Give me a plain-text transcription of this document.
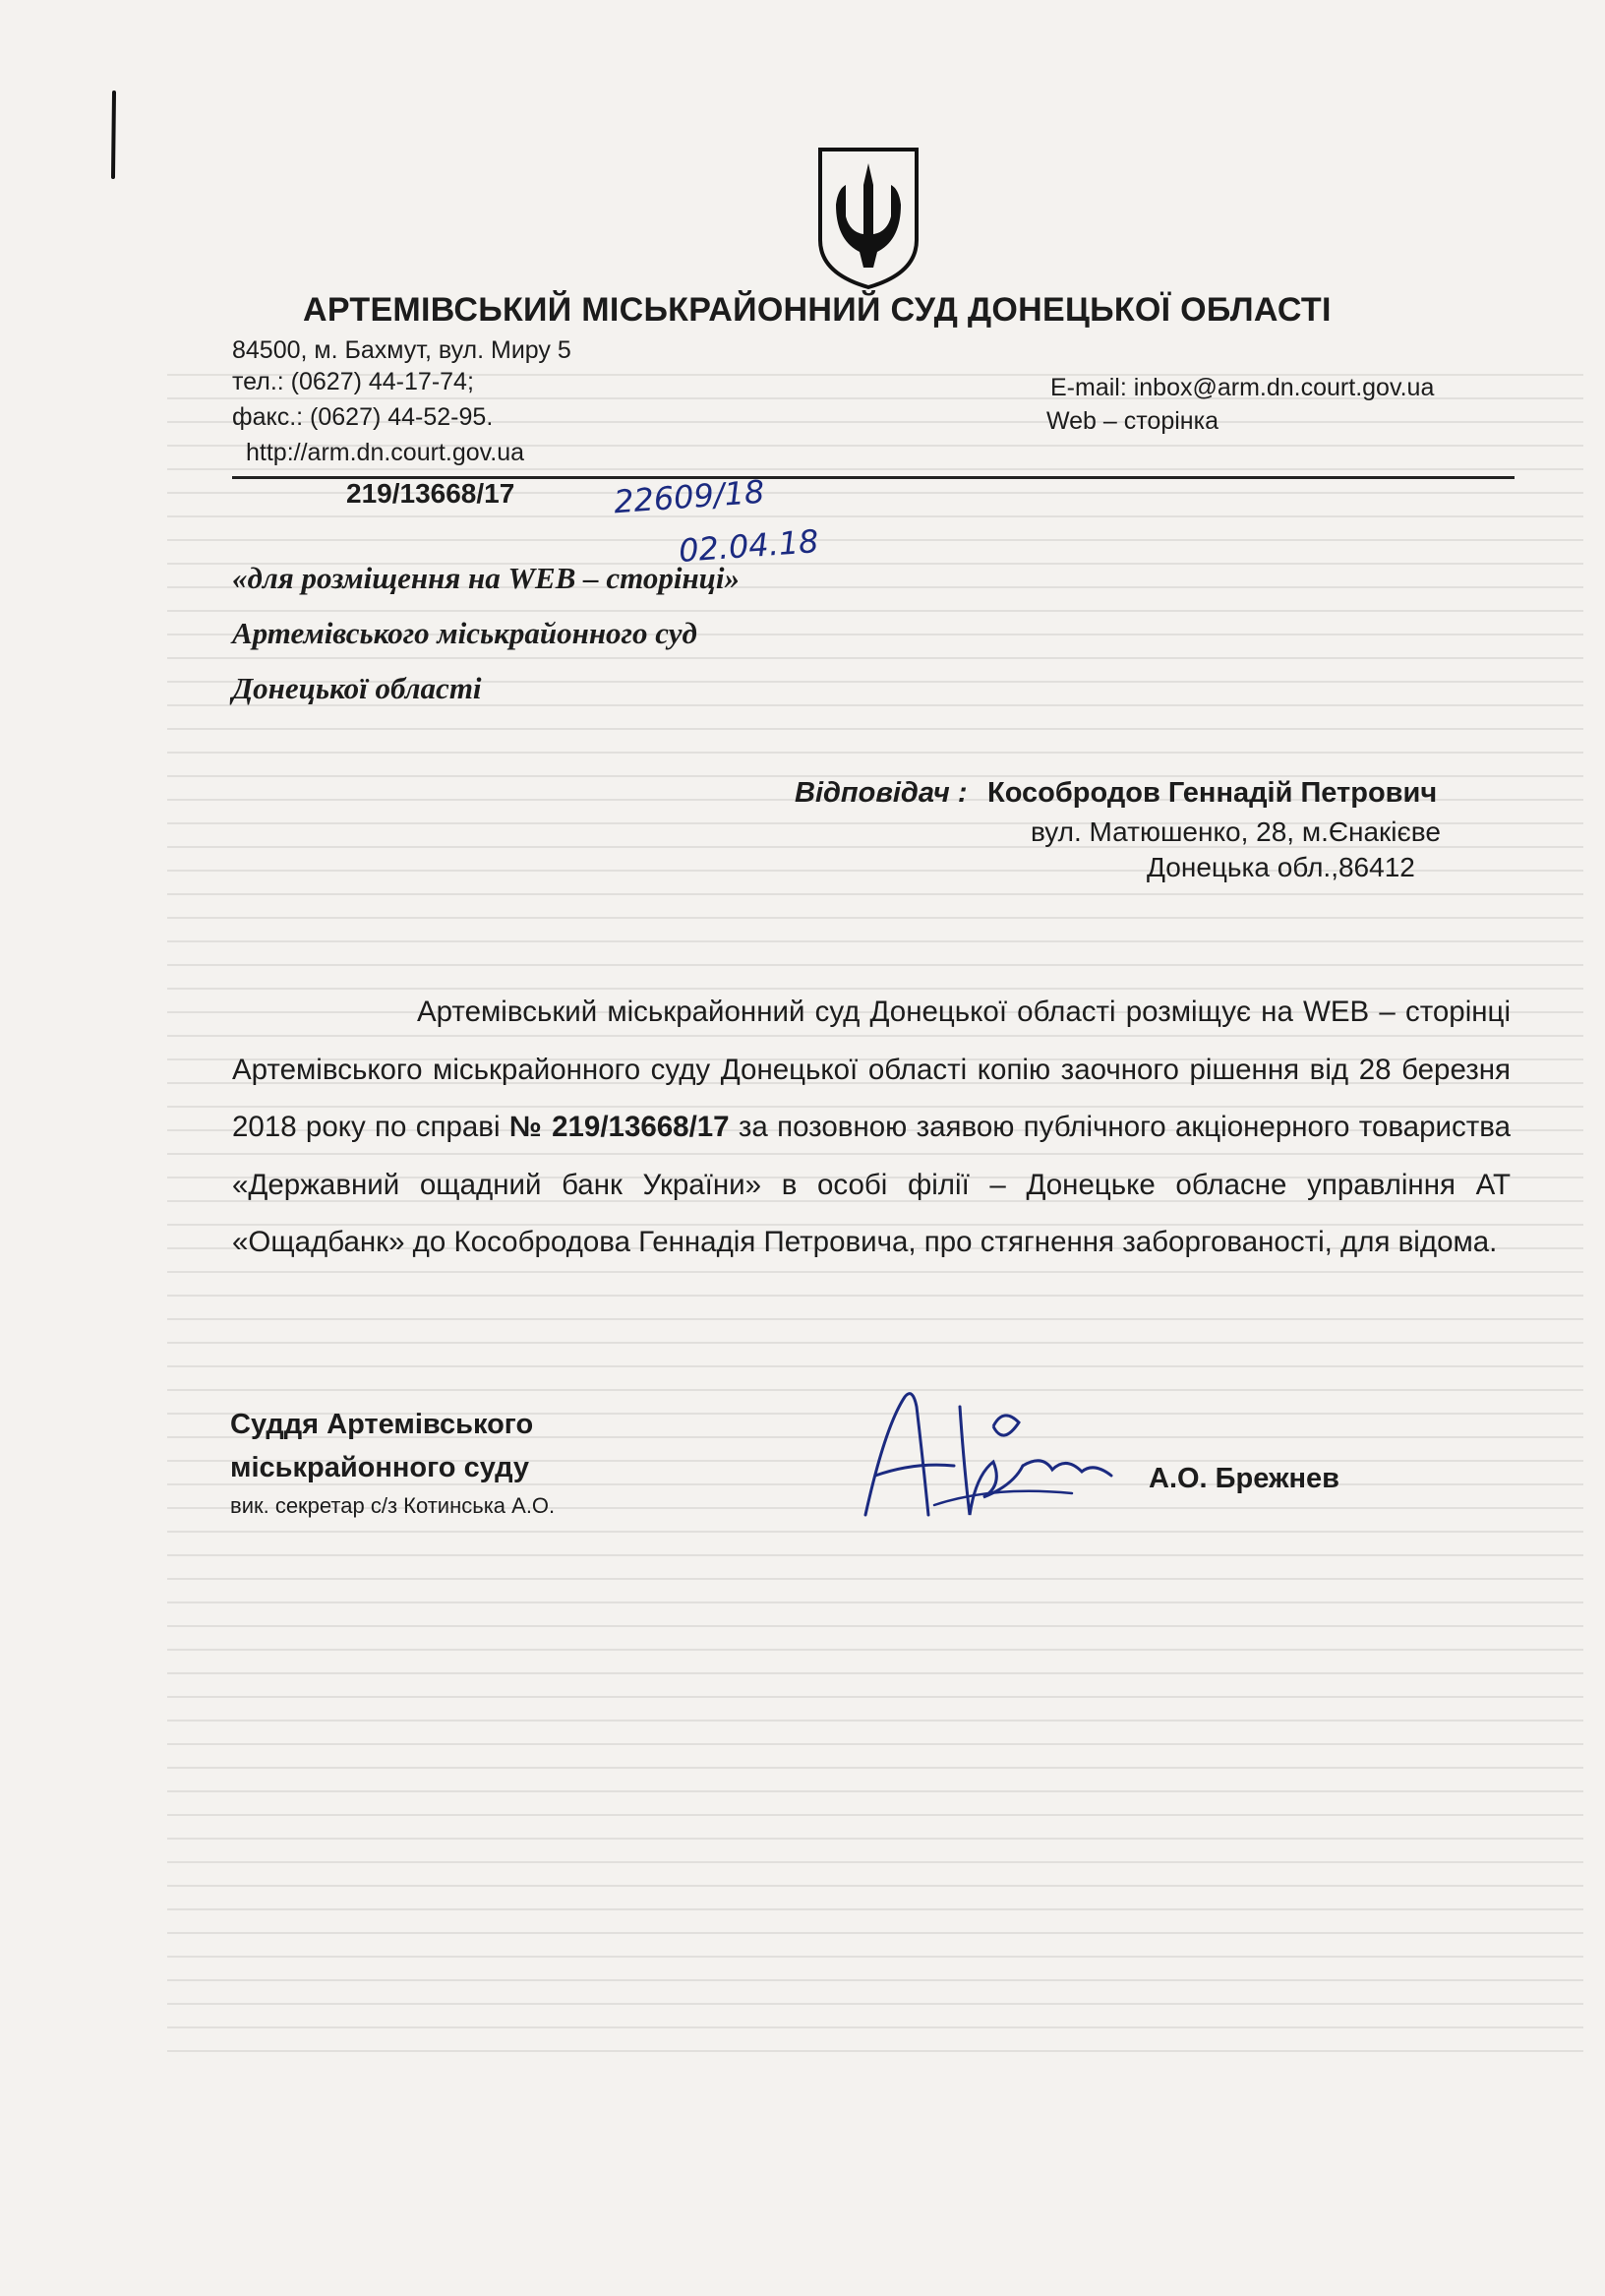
АРТЕМІВСЬКИЙ МІСЬКРАЙОННИЙ СУД ДОНЕЦЬКОЇ ОБЛАСТІ
84500, м. Бахмут, вул. Миру 5
тел.: (0627) 44-17-74;
факс.: (0627) 44-52-95.
http://arm.dn.court.gov.ua
E-mail: inbox@arm.dn.court.gov.ua
Web – сторінка
219/13668/17	22609/18
02.04.18
«для розміщення на WEB – сторінці»
Артемівського міськрайонного суд
Донецької області
Відповідач : Кособродов Геннадій Петрович
вул. Матюшенко, 28, м.Єнакієве
Донецька обл.,86412
Артемівський міськрайонний суд Донецької області розміщує на WEB – сторінці Артемівського міськрайонного суду Донецької області копію заочного рішення від 28 березня 2018 року по справі № 219/13668/17 за позовною заявою публічного акціонерного товариства «Державний ощадний банк України» в особі філії – Донецьке обласне управління АТ «Ощадбанк» до Кособродова Геннадія Петровича, про стягнення заборгованості, для відома.
Суддя Артемівського
міськрайонного суду
вик. секретар с/з Котинська А.О.
А.О. Брежнев
